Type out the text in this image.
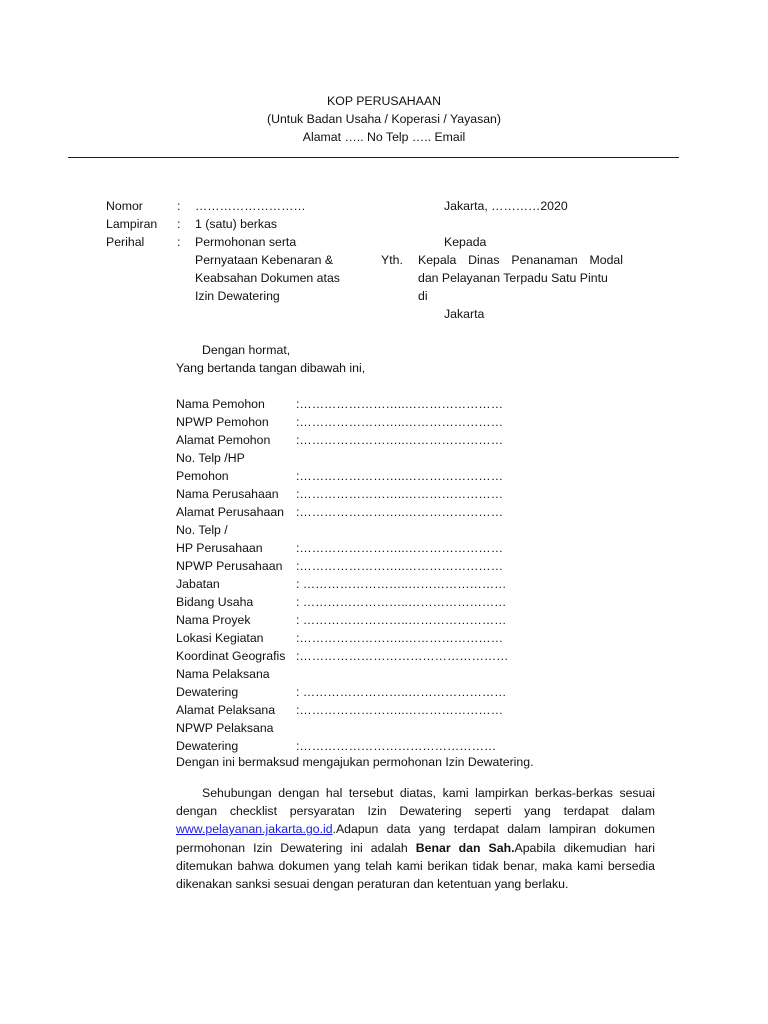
KOP PERUSAHAAN
(Untuk Badan Usaha / Koperasi / Yayasan)
Alamat ….. No Telp ….. Email
Nomor	: ………………………
Lampiran : 1 (satu) berkas
Perihal	: Permohonan serta
Pernyataan Kebenaran &
Keabsahan Dokumen atas
Izin Dewatering
Jakarta, …………2020
Kepada
Yth. Kepala Dinas Penanaman Modal
dan Pelayanan Terpadu Satu Pintu
di
Jakarta
Dengan hormat,
Yang bertanda tangan dibawah ini,
Nama Pemohon	:……………………..……………………
NPWP Pemohon :……………………..……………………
Alamat Pemohon :……………………..……………………
No. Telp /HP
Pemohon	:……………………..……………………
Nama Perusahaan :……………………..……………………
Alamat Perusahaan :……………………..……………………
No. Telp /
HP Perusahaan	:……………………..……………………
NPWP Perusahaan :……………………..……………………
Jabatan	: ……………………..……………………
Bidang Usaha	: ……………………..……………………
Nama Proyek	: ……………………..……………………
Lokasi Kegiatan	:……………………..……………………
Koordinat Geografis :……………………………………………
Nama Pelaksana
Dewatering	: ……………………..……………………
Alamat Pelaksana :……………………..……………………
NPWP Pelaksana
Dewatering	:…………………………………………
Dengan ini bermaksud mengajukan permohonan Izin Dewatering.

Sehubungan dengan hal tersebut diatas, kami lampirkan berkas-berkas sesuai dengan checklist persyaratan Izin Dewatering seperti yang terdapat dalam www.pelayanan.jakarta.go.id.Adapun data yang terdapat dalam lampiran dokumen permohonan Izin Dewatering ini adalah Benar dan Sah.Apabila dikemudian hari ditemukan bahwa dokumen yang telah kami berikan tidak benar, maka kami bersedia dikenakan sanksi sesuai dengan peraturan dan ketentuan yang berlaku.
